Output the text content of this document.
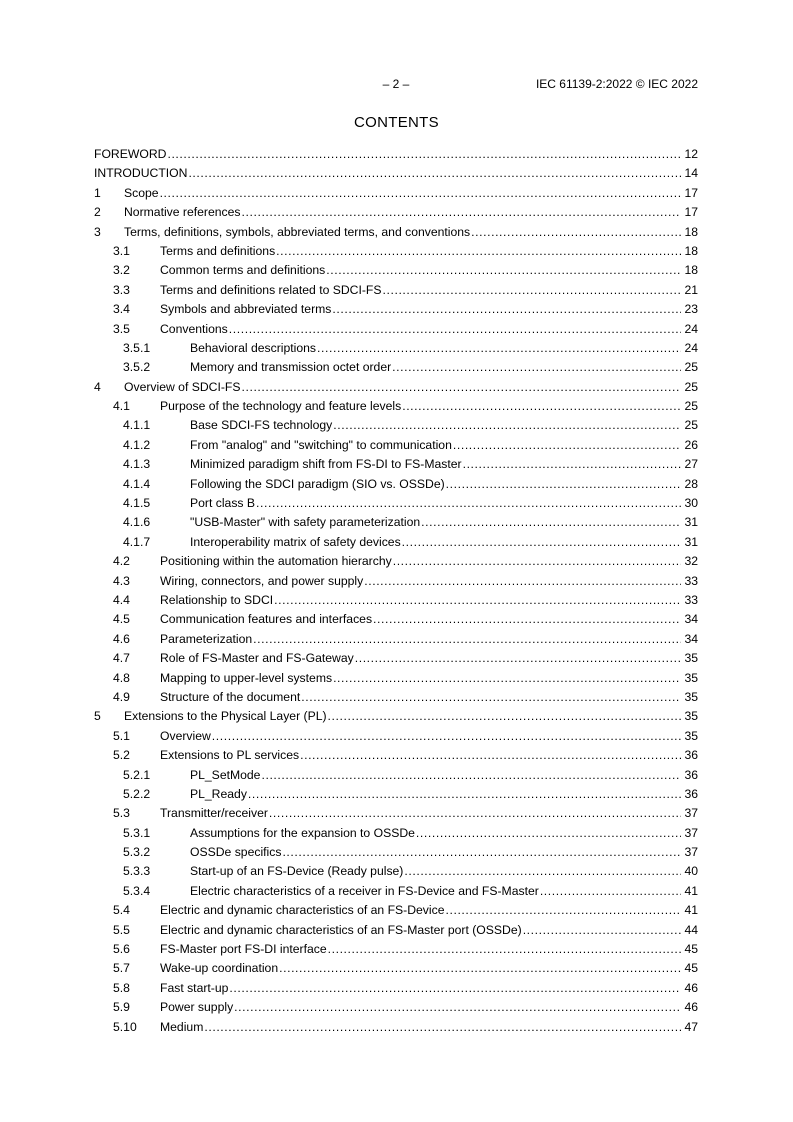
– 2 –	IEC 61139-2:2022 © IEC 2022
CONTENTS
FOREWORD .....	12
INTRODUCTION .....	14
1	Scope .....	17
2	Normative references .....	17
3	Terms, definitions, symbols, abbreviated terms, and conventions .....	18
3.1	Terms and definitions .....	18
3.2	Common terms and definitions .....	18
3.3	Terms and definitions related to SDCI-FS .....	21
3.4	Symbols and abbreviated terms .....	23
3.5	Conventions .....	24
3.5.1	Behavioral descriptions .....	24
3.5.2	Memory and transmission octet order .....	25
4	Overview of SDCI-FS .....	25
4.1	Purpose of the technology and feature levels .....	25
4.1.1	Base SDCI-FS technology .....	25
4.1.2	From "analog" and "switching" to communication .....	26
4.1.3	Minimized paradigm shift from FS-DI to FS-Master .....	27
4.1.4	Following the SDCI paradigm (SIO vs. OSSDe) .....	28
4.1.5	Port class B .....	30
4.1.6	"USB-Master" with safety parameterization .....	31
4.1.7	Interoperability matrix of safety devices .....	31
4.2	Positioning within the automation hierarchy .....	32
4.3	Wiring, connectors, and power supply .....	33
4.4	Relationship to SDCI .....	33
4.5	Communication features and interfaces .....	34
4.6	Parameterization .....	34
4.7	Role of FS-Master and FS-Gateway .....	35
4.8	Mapping to upper-level systems .....	35
4.9	Structure of the document .....	35
5	Extensions to the Physical Layer (PL) .....	35
5.1	Overview .....	35
5.2	Extensions to PL services .....	36
5.2.1	PL_SetMode .....	36
5.2.2	PL_Ready .....	36
5.3	Transmitter/receiver .....	37
5.3.1	Assumptions for the expansion to OSSDe .....	37
5.3.2	OSSDe specifics .....	37
5.3.3	Start-up of an FS-Device (Ready pulse) .....	40
5.3.4	Electric characteristics of a receiver in FS-Device and FS-Master .....	41
5.4	Electric and dynamic characteristics of an FS-Device .....	41
5.5	Electric and dynamic characteristics of an FS-Master port (OSSDe) .....	44
5.6	FS-Master port FS-DI interface .....	45
5.7	Wake-up coordination .....	45
5.8	Fast start-up .....	46
5.9	Power supply .....	46
5.10	Medium .....	47
